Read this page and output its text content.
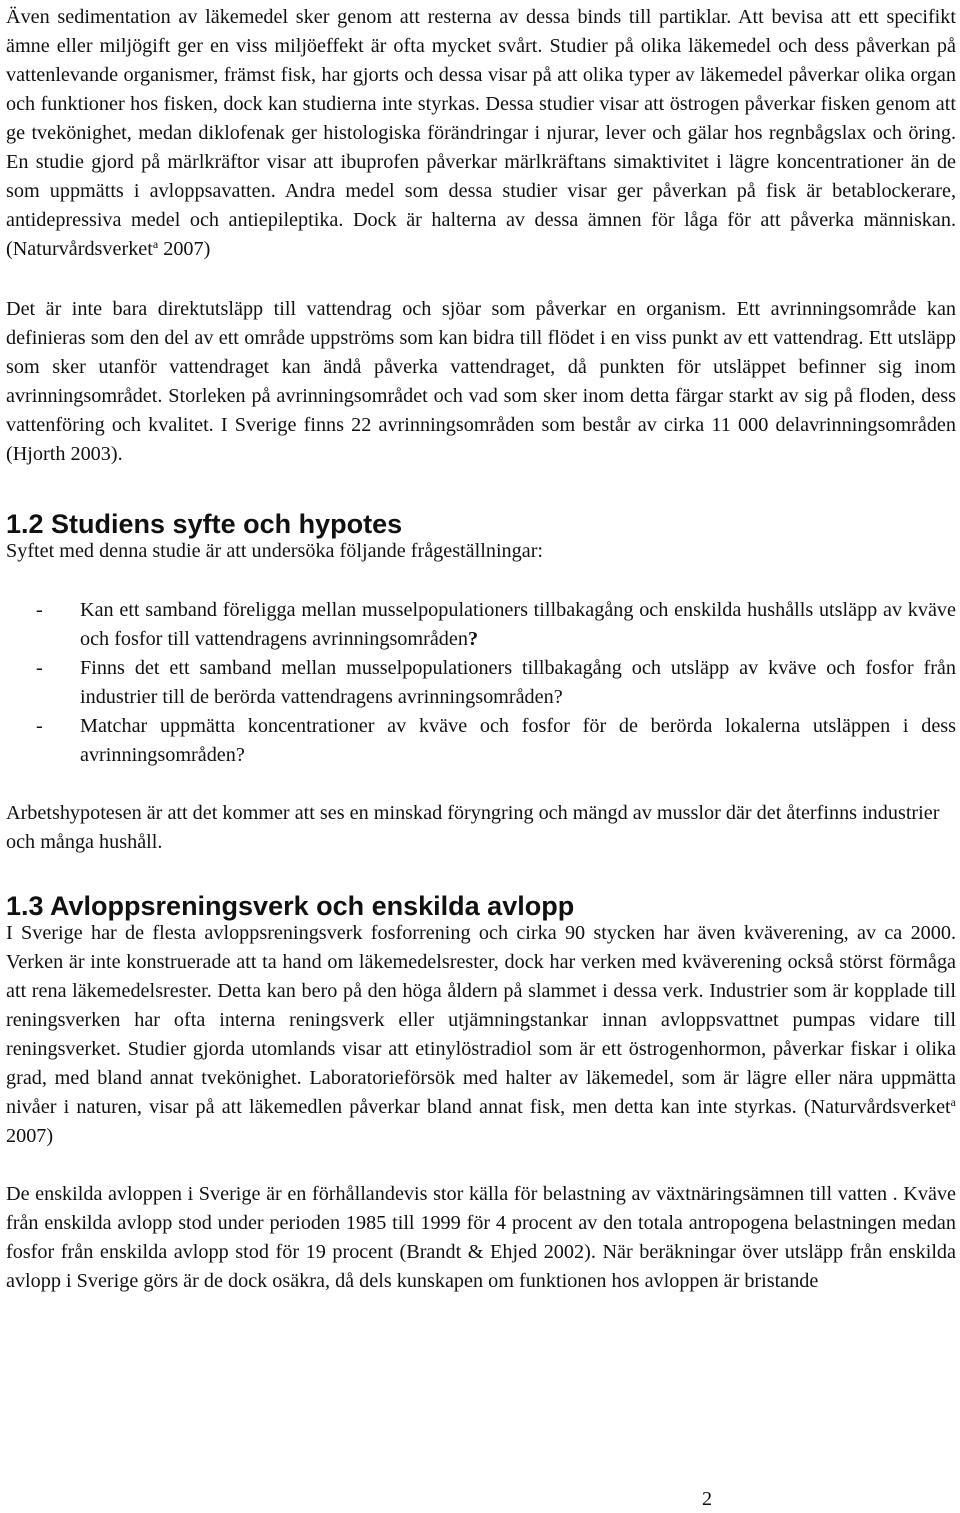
Även sedimentation av läkemedel sker genom att resterna av dessa binds till partiklar. Att bevisa att ett specifikt ämne eller miljögift ger en viss miljöeffekt är ofta mycket svårt. Studier på olika läkemedel och dess påverkan på vattenlevande organismer, främst fisk, har gjorts och dessa visar på att olika typer av läkemedel påverkar olika organ och funktioner hos fisken, dock kan studierna inte styrkas. Dessa studier visar att östrogen påverkar fisken genom att ge tvekönighet, medan diklofenak ger histologiska förändringar i njurar, lever och gälar hos regnbågslax och öring. En studie gjord på märlkräftor visar att ibuprofen påverkar märlkräftans simaktivitet i lägre koncentrationer än de som uppmätts i avloppsavatten. Andra medel som dessa studier visar ger påverkan på fisk är betablockerare, antidepressiva medel och antiepileptika. Dock är halterna av dessa ämnen för låga för att påverka människan. (Naturvårdsverket$^a$ 2007)

Det är inte bara direktutsläpp till vattendrag och sjöar som påverkar en organism. Ett avrinningsområde kan definieras som den del av ett område uppströms som kan bidra till flödet i en viss punkt av ett vattendrag. Ett utsläpp som sker utanför vattendraget kan ändå påverka vattendraget, då punkten för utsläppet befinner sig inom avrinningsområdet. Storleken på avrinningsområdet och vad som sker inom detta färgar starkt av sig på floden, dess vattenföring och kvalitet. I Sverige finns 22 avrinningsområden som består av cirka 11 000 delavrinningsområden (Hjorth 2003).

1.2 Studiens syfte och hypotes

Syftet med denna studie är att undersöka följande frågeställningar:

- Kan ett samband föreligga mellan musselpopulationers tillbakagång och enskilda hushålls utsläpp av kväve och fosfor till vattendragens avrinningsområden?
- Finns det ett samband mellan musselpopulationers tillbakagång och utsläpp av kväve och fosfor från industrier till de berörda vattendragens avrinningsområden?
- Matchar uppmätta koncentrationer av kväve och fosfor för de berörda lokalerna utsläppen i dess avrinningsområden?

Arbetshypotesen är att det kommer att ses en minskad föryngring och mängd av musslor där det återfinns industrier och många hushåll.

1.3 Avloppsreningsverk och enskilda avlopp

I Sverige har de flesta avloppsreningsverk fosforrening och cirka 90 stycken har även kväverening, av ca 2000. Verken är inte konstruerade att ta hand om läkemedelsrester, dock har verken med kväverening också störst förmåga att rena läkemedelsrester. Detta kan bero på den höga åldern på slammet i dessa verk. Industrier som är kopplade till reningsverken har ofta interna reningsverk eller utjämningstankar innan avloppsvattnet pumpas vidare till reningsverket. Studier gjorda utomlands visar att etinylöstradiol som är ett östrogenhormon, påverkar fiskar i olika grad, med bland annat tvekönighet. Laboratorieförsök med halter av läkemedel, som är lägre eller nära uppmätta nivåer i naturen, visar på att läkemedlen påverkar bland annat fisk, men detta kan inte styrkas. (Naturvårdsverket$^a$ 2007)

De enskilda avloppen i Sverige är en förhållandevis stor källa för belastning av växtnäringsämnen till vatten . Kväve från enskilda avlopp stod under perioden 1985 till 1999 för 4 procent av den totala antropogena belastningen medan fosfor från enskilda avlopp stod för 19 procent (Brandt & Ehjed 2002). När beräkningar över utsläpp från enskilda avlopp i Sverige görs är de dock osäkra, då dels kunskapen om funktionen hos avloppen är bristande

2
